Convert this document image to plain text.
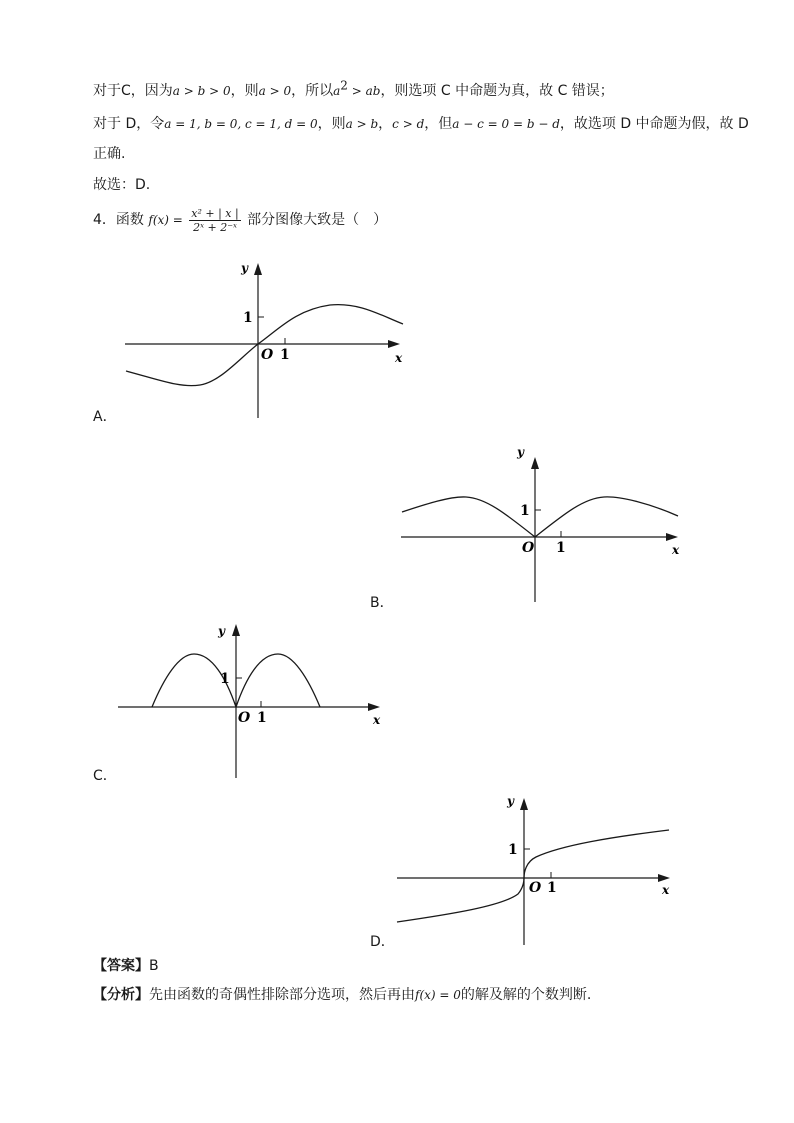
对于C，因为a > b > 0，则a > 0，所以$a^2$ > ab，则选项 C 中命题为真，故 C 错误；
对于 D，令a = 1, b = 0, c = 1, d = 0，则a > b，c > d，但a − c = 0 = b − d，故选项 D 中命题为假，故 D
正确.
故选：D.
4．函数 $f(x) = \frac{\text{x² + | x |}}{\text{2ˣ + 2⁻ˣ}}$ 部分图像大致是（　）
y
x
O 1
1
A．
y
x
O 1
1
B．
y
x
O 1
1
C．
y
x
O 1
1
D．
【答案】B
【分析】先由函数的奇偶性排除部分选项，然后再由f(x) = 0的解及解的个数判断.
